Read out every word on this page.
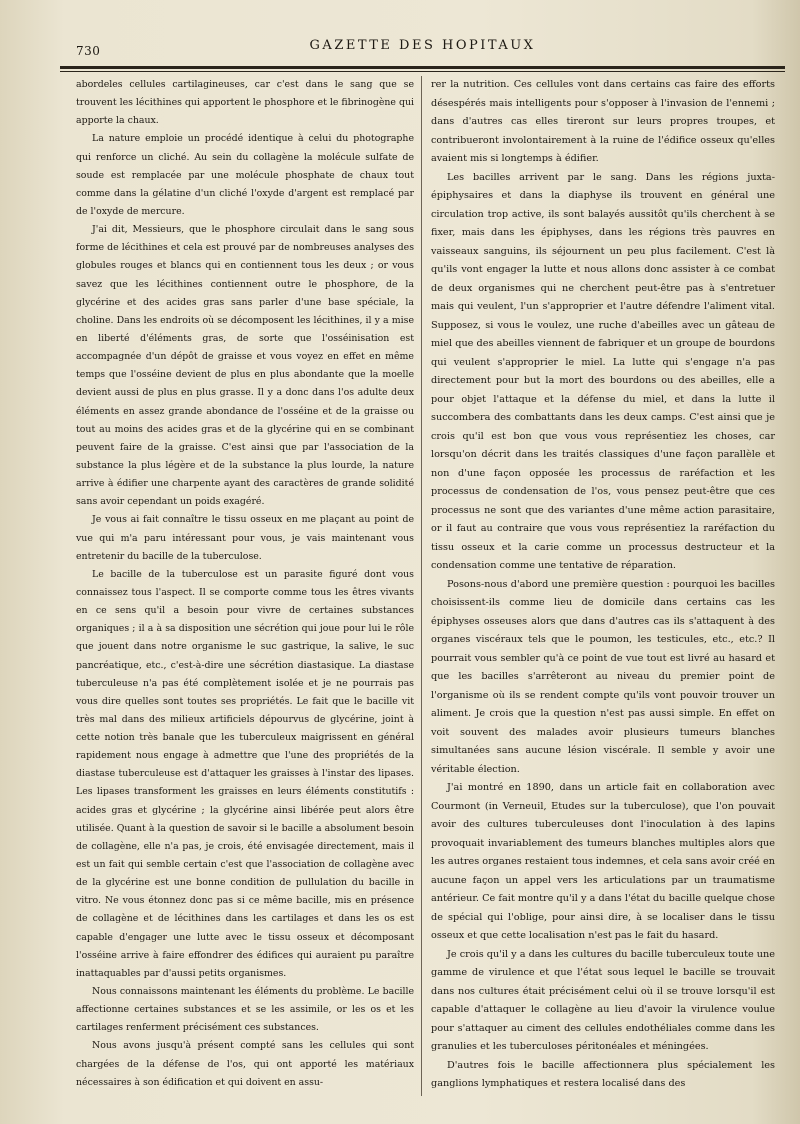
730	GAZETTE DES HOPITAUX

abordeles cellules cartilagineuses, car c'est dans le sang que se trouvent les lécithines qui apportent le phosphore et le fibrinogène qui apporte la chaux.

La nature emploie un procédé identique à celui du photographe qui renforce un cliché. Au sein du collagène la molécule sulfate de soude est remplacée par une molécule phosphate de chaux tout comme dans la gélatine d'un cliché l'oxyde d'argent est remplacé par de l'oxyde de mercure.

J'ai dit, Messieurs, que le phosphore circulait dans le sang sous forme de lécithines et cela est prouvé par de nombreuses analyses des globules rouges et blancs qui en contiennent tous les deux ; or vous savez que les lécithines contiennent outre le phosphore, de la glycérine et des acides gras sans parler d'une base spéciale, la choline. Dans les endroits où se décomposent les lécithines, il y a mise en liberté d'éléments gras, de sorte que l'osséinisation est accompagnée d'un dépôt de graisse et vous voyez en effet en même temps que l'osséine devient de plus en plus abondante que la moelle devient aussi de plus en plus grasse. Il y a donc dans l'os adulte deux éléments en assez grande abondance de l'osséine et de la graisse ou tout au moins des acides gras et de la glycérine qui en se combinant peuvent faire de la graisse. C'est ainsi que par l'association de la substance la plus légère et de la substance la plus lourde, la nature arrive à édifier une charpente ayant des caractères de grande solidité sans avoir cependant un poids exagéré.

Je vous ai fait connaître le tissu osseux en me plaçant au point de vue qui m'a paru intéressant pour vous, je vais maintenant vous entretenir du bacille de la tuberculose.

Le bacille de la tuberculose est un parasite figuré dont vous connaissez tous l'aspect. Il se comporte comme tous les êtres vivants en ce sens qu'il a besoin pour vivre de certaines substances organiques ; il a à sa disposition une sécrétion qui joue pour lui le rôle que jouent dans notre organisme le suc gastrique, la salive, le suc pancréatique, etc., c'est-à-dire une sécrétion diastasique. La diastase tuberculeuse n'a pas été complètement isolée et je ne pourrais pas vous dire quelles sont toutes ses propriétés. Le fait que le bacille vit très mal dans des milieux artificiels dépourvus de glycérine, joint à cette notion très banale que les tuberculeux maigrissent en général rapidement nous engage à admettre que l'une des propriétés de la diastase tuberculeuse est d'attaquer les graisses à l'instar des lipases. Les lipases transforment les graisses en leurs éléments constitutifs : acides gras et glycérine ; la glycérine ainsi libérée peut alors être utilisée. Quant à la question de savoir si le bacille a absolument besoin de collagène, elle n'a pas, je crois, été envisagée directement, mais il est un fait qui semble certain c'est que l'association de collagène avec de la glycérine est une bonne condition de pullulation du bacille in vitro. Ne vous étonnez donc pas si ce même bacille, mis en présence de collagène et de lécithines dans les cartilages et dans les os est capable d'engager une lutte avec le tissu osseux et décomposant l'osséine arrive à faire effondrer des édifices qui auraient pu paraître inattaquables par d'aussi petits organismes.

Nous connaissons maintenant les éléments du problème. Le bacille affectionne certaines substances et se les assimile, or les os et les cartilages renferment précisément ces substances.

Nous avons jusqu'à présent compté sans les cellules qui sont chargées de la défense de l'os, qui ont apporté les matériaux nécessaires à son édification et qui doivent en assu-

rer la nutrition. Ces cellules vont dans certains cas faire des efforts désespérés mais intelligents pour s'opposer à l'invasion de l'ennemi ; dans d'autres cas elles tireront sur leurs propres troupes, et contribueront involontairement à la ruine de l'édifice osseux qu'elles avaient mis si longtemps à édifier.

Les bacilles arrivent par le sang. Dans les régions juxta-épiphysaires et dans la diaphyse ils trouvent en général une circulation trop active, ils sont balayés aussitôt qu'ils cherchent à se fixer, mais dans les épiphyses, dans les régions très pauvres en vaisseaux sanguins, ils séjournent un peu plus facilement. C'est là qu'ils vont engager la lutte et nous allons donc assister à ce combat de deux organismes qui ne cherchent peut-être pas à s'entretuer mais qui veulent, l'un s'approprier et l'autre défendre l'aliment vital. Supposez, si vous le voulez, une ruche d'abeilles avec un gâteau de miel que des abeilles viennent de fabriquer et un groupe de bourdons qui veulent s'approprier le miel. La lutte qui s'engage n'a pas directement pour but la mort des bourdons ou des abeilles, elle a pour objet l'attaque et la défense du miel, et dans la lutte il succombera des combattants dans les deux camps. C'est ainsi que je crois qu'il est bon que vous vous représentiez les choses, car lorsqu'on décrit dans les traités classiques d'une façon parallèle et non d'une façon opposée les processus de raréfaction et les processus de condensation de l'os, vous pensez peut-être que ces processus ne sont que des variantes d'une même action parasitaire, or il faut au contraire que vous vous représentiez la raréfaction du tissu osseux et la carie comme un processus destructeur et la condensation comme une tentative de réparation.

Posons-nous d'abord une première question : pourquoi les bacilles choisissent-ils comme lieu de domicile dans certains cas les épiphyses osseuses alors que dans d'autres cas ils s'attaquent à des organes viscéraux tels que le poumon, les testicules, etc., etc.? Il pourrait vous sembler qu'à ce point de vue tout est livré au hasard et que les bacilles s'arrêteront au niveau du premier point de l'organisme où ils se rendent compte qu'ils vont pouvoir trouver un aliment. Je crois que la question n'est pas aussi simple. En effet on voit souvent des malades avoir plusieurs tumeurs blanches simultanées sans aucune lésion viscérale. Il semble y avoir une véritable élection.

J'ai montré en 1890, dans un article fait en collaboration avec Courmont (in Verneuil, Etudes sur la tuberculose), que l'on pouvait avoir des cultures tuberculeuses dont l'inoculation à des lapins provoquait invariablement des tumeurs blanches multiples alors que les autres organes restaient tous indemnes, et cela sans avoir créé en aucune façon un appel vers les articulations par un traumatisme antérieur. Ce fait montre qu'il y a dans l'état du bacille quelque chose de spécial qui l'oblige, pour ainsi dire, à se localiser dans le tissu osseux et que cette localisation n'est pas le fait du hasard.

Je crois qu'il y a dans les cultures du bacille tuberculeux toute une gamme de virulence et que l'état sous lequel le bacille se trouvait dans nos cultures était précisément celui où il se trouve lorsqu'il est capable d'attaquer le collagène au lieu d'avoir la virulence voulue pour s'attaquer au ciment des cellules endothéliales comme dans les granulies et les tuberculoses péritonéales et méningées.

D'autres fois le bacille affectionnera plus spécialement les ganglions lymphatiques et restera localisé dans des
